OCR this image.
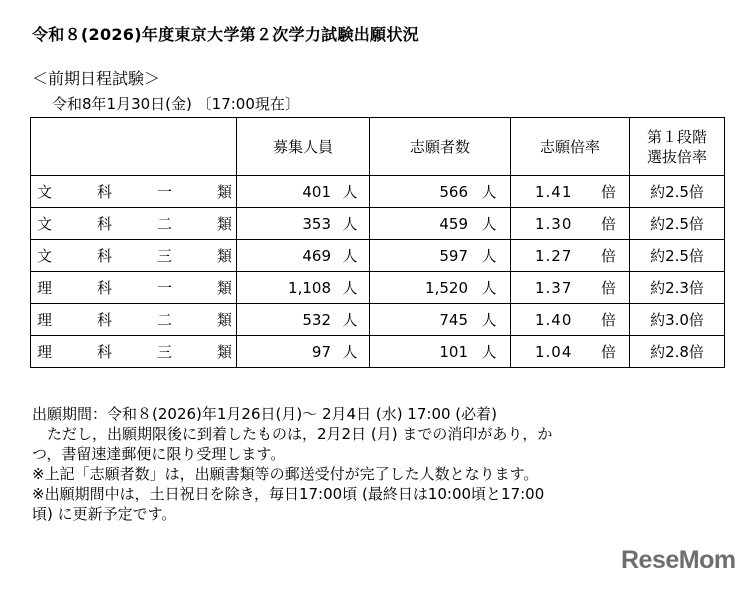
令和８(2026)年度東京大学第２次学力試験出願状況
＜前期日程試験＞
令和8年1月30日(金) 〔17:00現在〕
	募集人員	志願者数	志願倍率	第１段階
選抜倍率

文 科 一 類	401 人	566 人	1.41 倍	約2.5倍

文 科 二 類	353 人	459 人	1.30 倍	約2.5倍

文 科 三 類	469 人	597 人	1.27 倍	約2.5倍

理 科 一 類	1,108 人	1,520 人	1.37 倍	約2.3倍

理 科 二 類	532 人	745 人	1.40 倍	約3.0倍

理 科 三 類	97 人	101 人	1.04 倍	約2.8倍
出願期間：令和８(2026)年1月26日(月)～ 2月4日 (水) 17:00 (必着)
　ただし，出願期限後に到着したものは，2月2日 (月) までの消印があり，か
つ，書留速達郵便に限り受理します。
※上記「志願者数」は，出願書類等の郵送受付が完了した人数となります。
※出願期間中は，土日祝日を除き，毎日17:00頃 (最終日は10:00頃と17:00
頃) に更新予定です。
ReseMom
